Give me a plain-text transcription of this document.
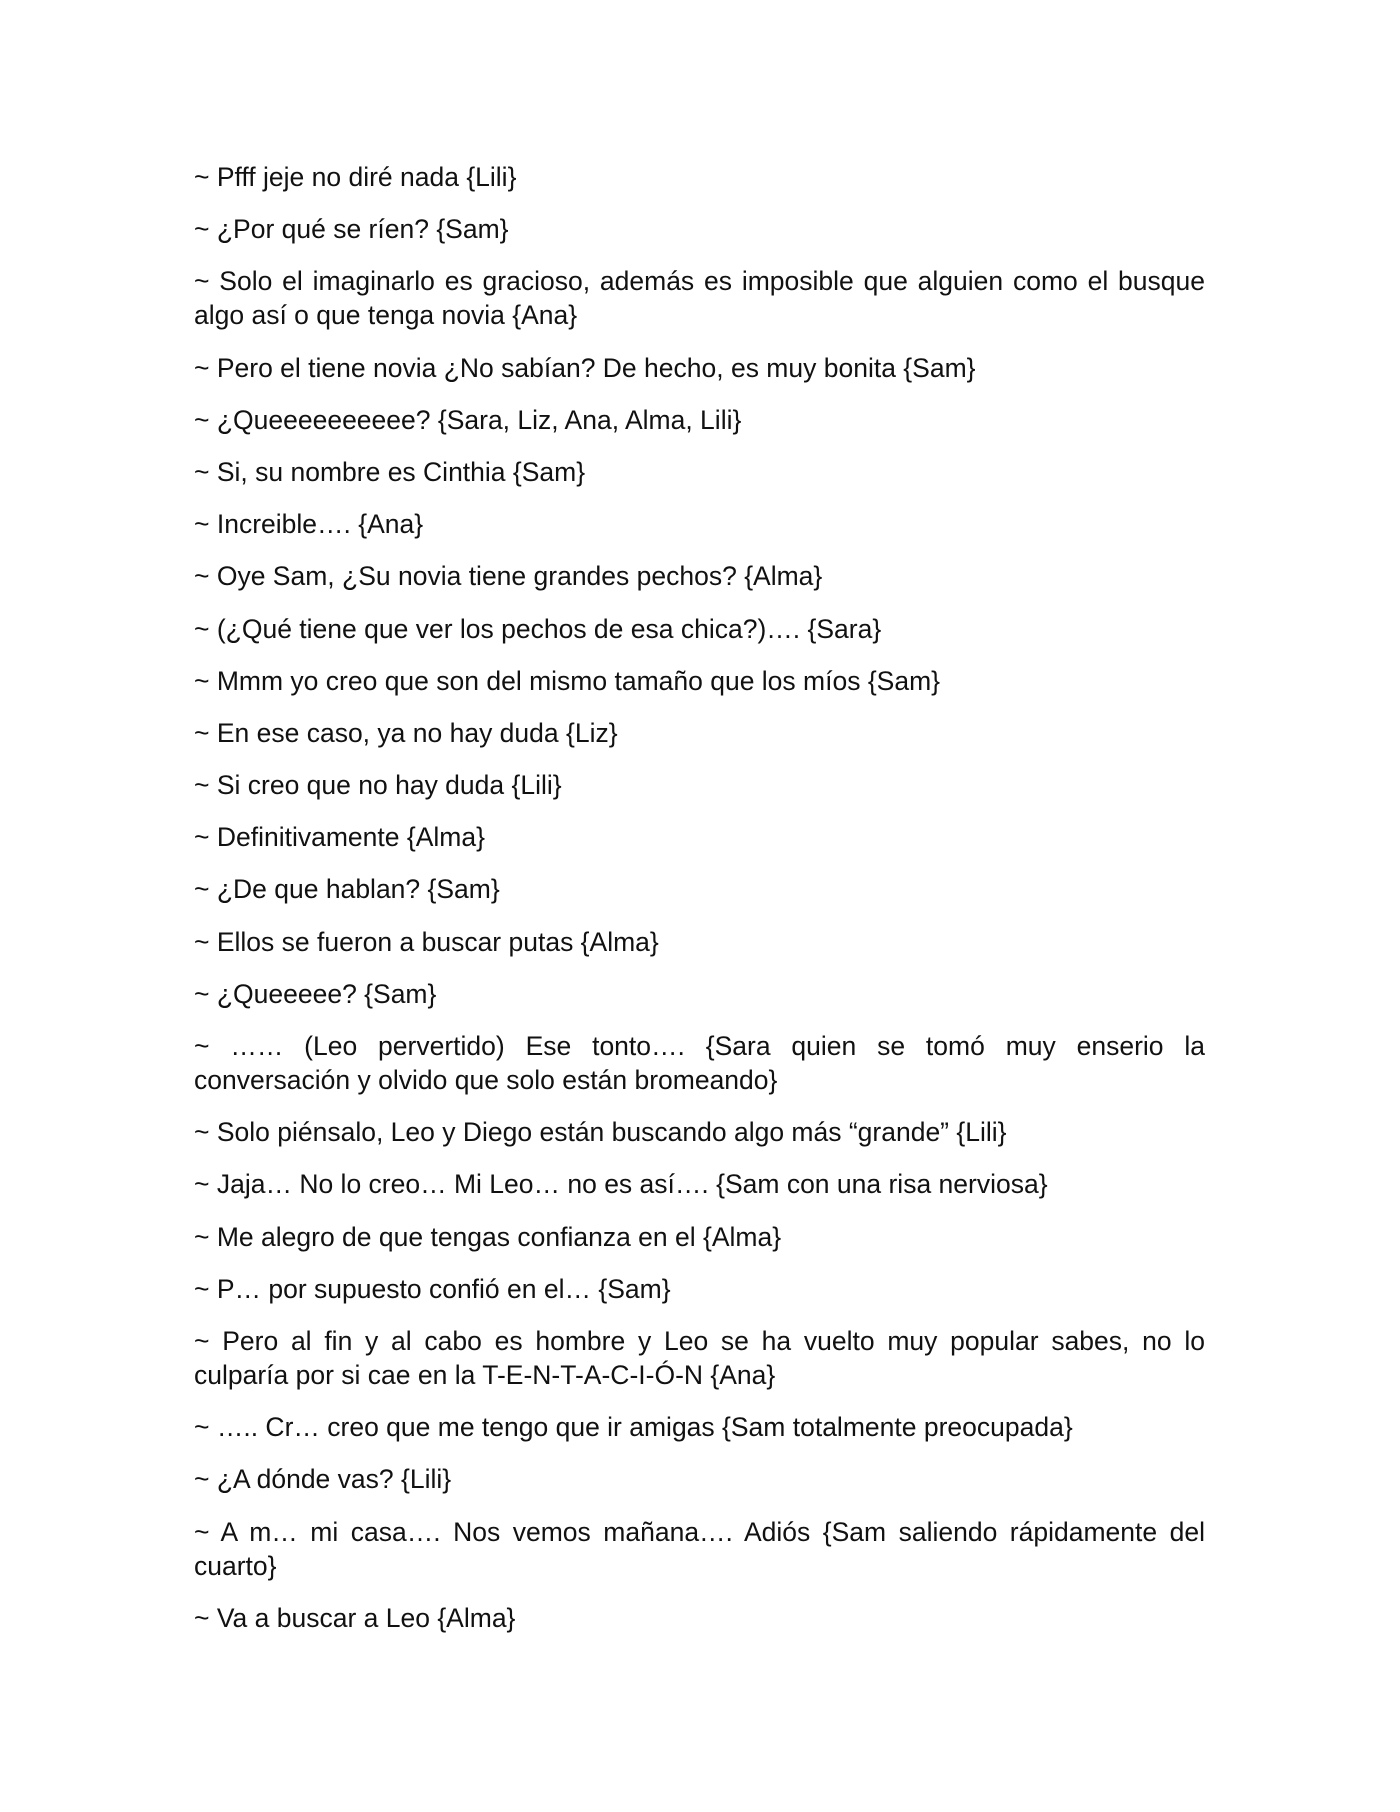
~ Pfff jeje no diré nada {Lili}

~ ¿Por qué se ríen? {Sam}

~ Solo el imaginarlo es gracioso, además es imposible que alguien como el busque algo así o que tenga novia {Ana}

~ Pero el tiene novia ¿No sabían? De hecho, es muy bonita {Sam}

~ ¿Queeeeeeeeee? {Sara, Liz, Ana, Alma, Lili}

~ Si, su nombre es Cinthia {Sam}

~ Increible…. {Ana}

~ Oye Sam, ¿Su novia tiene grandes pechos? {Alma}

~ (¿Qué tiene que ver los pechos de esa chica?)…. {Sara}

~ Mmm yo creo que son del mismo tamaño que los míos {Sam}

~ En ese caso, ya no hay duda {Liz}

~ Si creo que no hay duda {Lili}

~ Definitivamente {Alma}

~ ¿De que hablan? {Sam}

~ Ellos se fueron a buscar putas {Alma}

~ ¿Queeeee? {Sam}

~ …… (Leo pervertido) Ese tonto…. {Sara quien se tomó muy enserio la conversación y olvido que solo están bromeando}

~ Solo piénsalo, Leo y Diego están buscando algo más “grande” {Lili}

~ Jaja… No lo creo… Mi Leo… no es así…. {Sam con una risa nerviosa}

~ Me alegro de que tengas confianza en el {Alma}

~ P… por supuesto confió en el… {Sam}

~ Pero al fin y al cabo es hombre y Leo se ha vuelto muy popular sabes, no lo culparía por si cae en la T-E-N-T-A-C-I-Ó-N {Ana}

~ ….. Cr… creo que me tengo que ir amigas {Sam totalmente preocupada}

~ ¿A dónde vas? {Lili}

~ A m… mi casa…. Nos vemos mañana…. Adiós {Sam saliendo rápidamente del cuarto}

~ Va a buscar a Leo {Alma}
